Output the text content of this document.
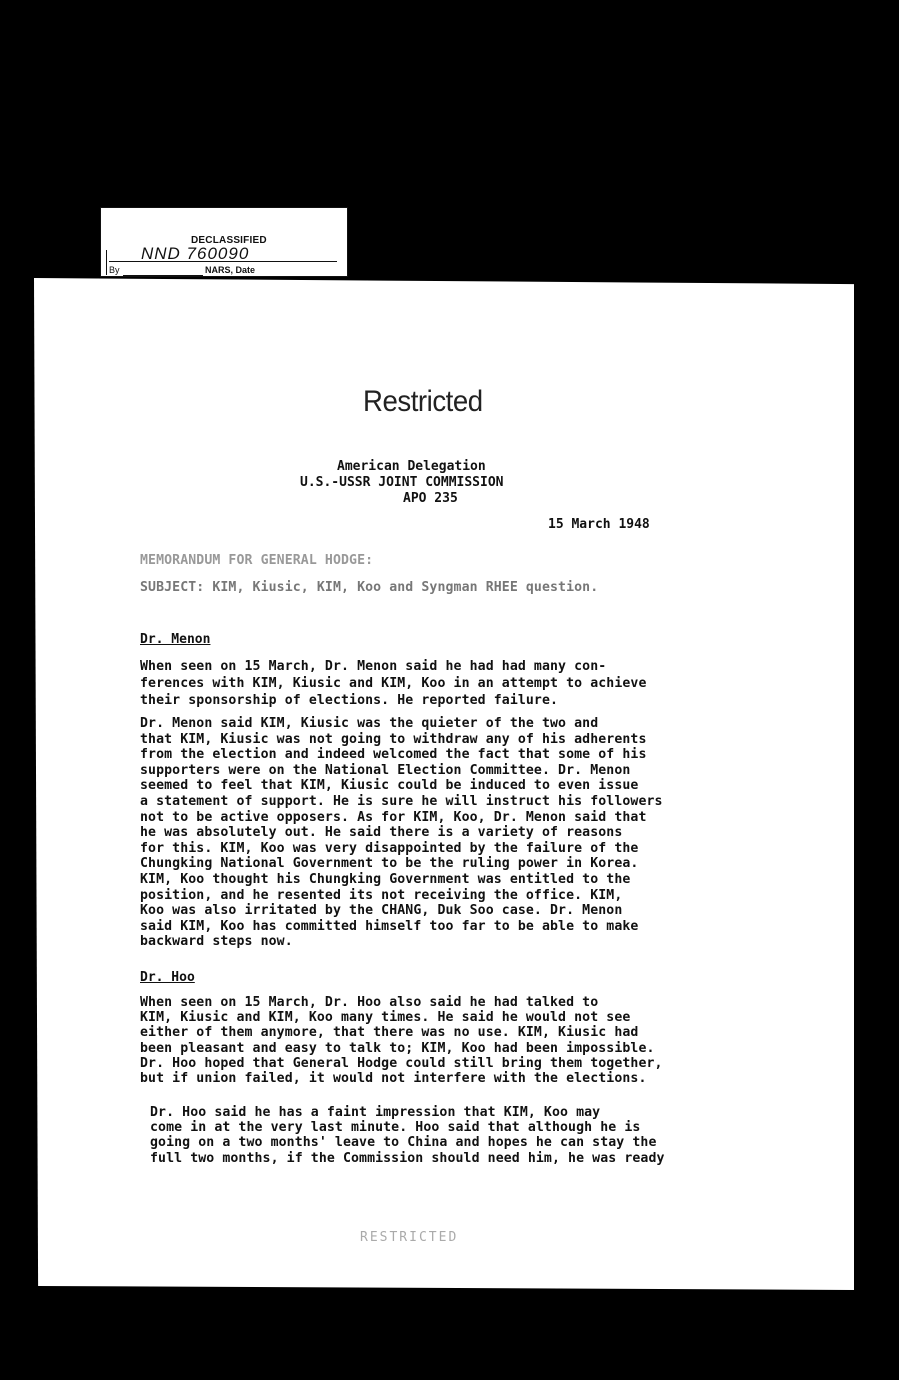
DECLASSIFIED
NND 760090
By	NARS, Date
Restricted
American Delegation
U.S.-USSR JOINT COMMISSION
APO 235
15 March 1948
MEMORANDUM FOR GENERAL HODGE:
SUBJECT: KIM, Kiusic, KIM, Koo and Syngman RHEE question.
Dr. Menon
When seen on 15 March, Dr. Menon said he had had many con-
ferences with KIM, Kiusic and KIM, Koo in an attempt to achieve
their sponsorship of elections. He reported failure.
Dr. Menon said KIM, Kiusic was the quieter of the two and
that KIM, Kiusic was not going to withdraw any of his adherents
from the election and indeed welcomed the fact that some of his
supporters were on the National Election Committee. Dr. Menon
seemed to feel that KIM, Kiusic could be induced to even issue
a statement of support. He is sure he will instruct his followers
not to be active opposers. As for KIM, Koo, Dr. Menon said that
he was absolutely out. He said there is a variety of reasons
for this. KIM, Koo was very disappointed by the failure of the
Chungking National Government to be the ruling power in Korea.
KIM, Koo thought his Chungking Government was entitled to the
position, and he resented its not receiving the office. KIM,
Koo was also irritated by the CHANG, Duk Soo case. Dr. Menon
said KIM, Koo has committed himself too far to be able to make
backward steps now.
Dr. Hoo
When seen on 15 March, Dr. Hoo also said he had talked to
KIM, Kiusic and KIM, Koo many times. He said he would not see
either of them anymore, that there was no use. KIM, Kiusic had
been pleasant and easy to talk to; KIM, Koo had been impossible.
Dr. Hoo hoped that General Hodge could still bring them together,
but if union failed, it would not interfere with the elections.
Dr. Hoo said he has a faint impression that KIM, Koo may
come in at the very last minute. Hoo said that although he is
going on a two months' leave to China and hopes he can stay the
full two months, if the Commission should need him, he was ready
RESTRICTED
